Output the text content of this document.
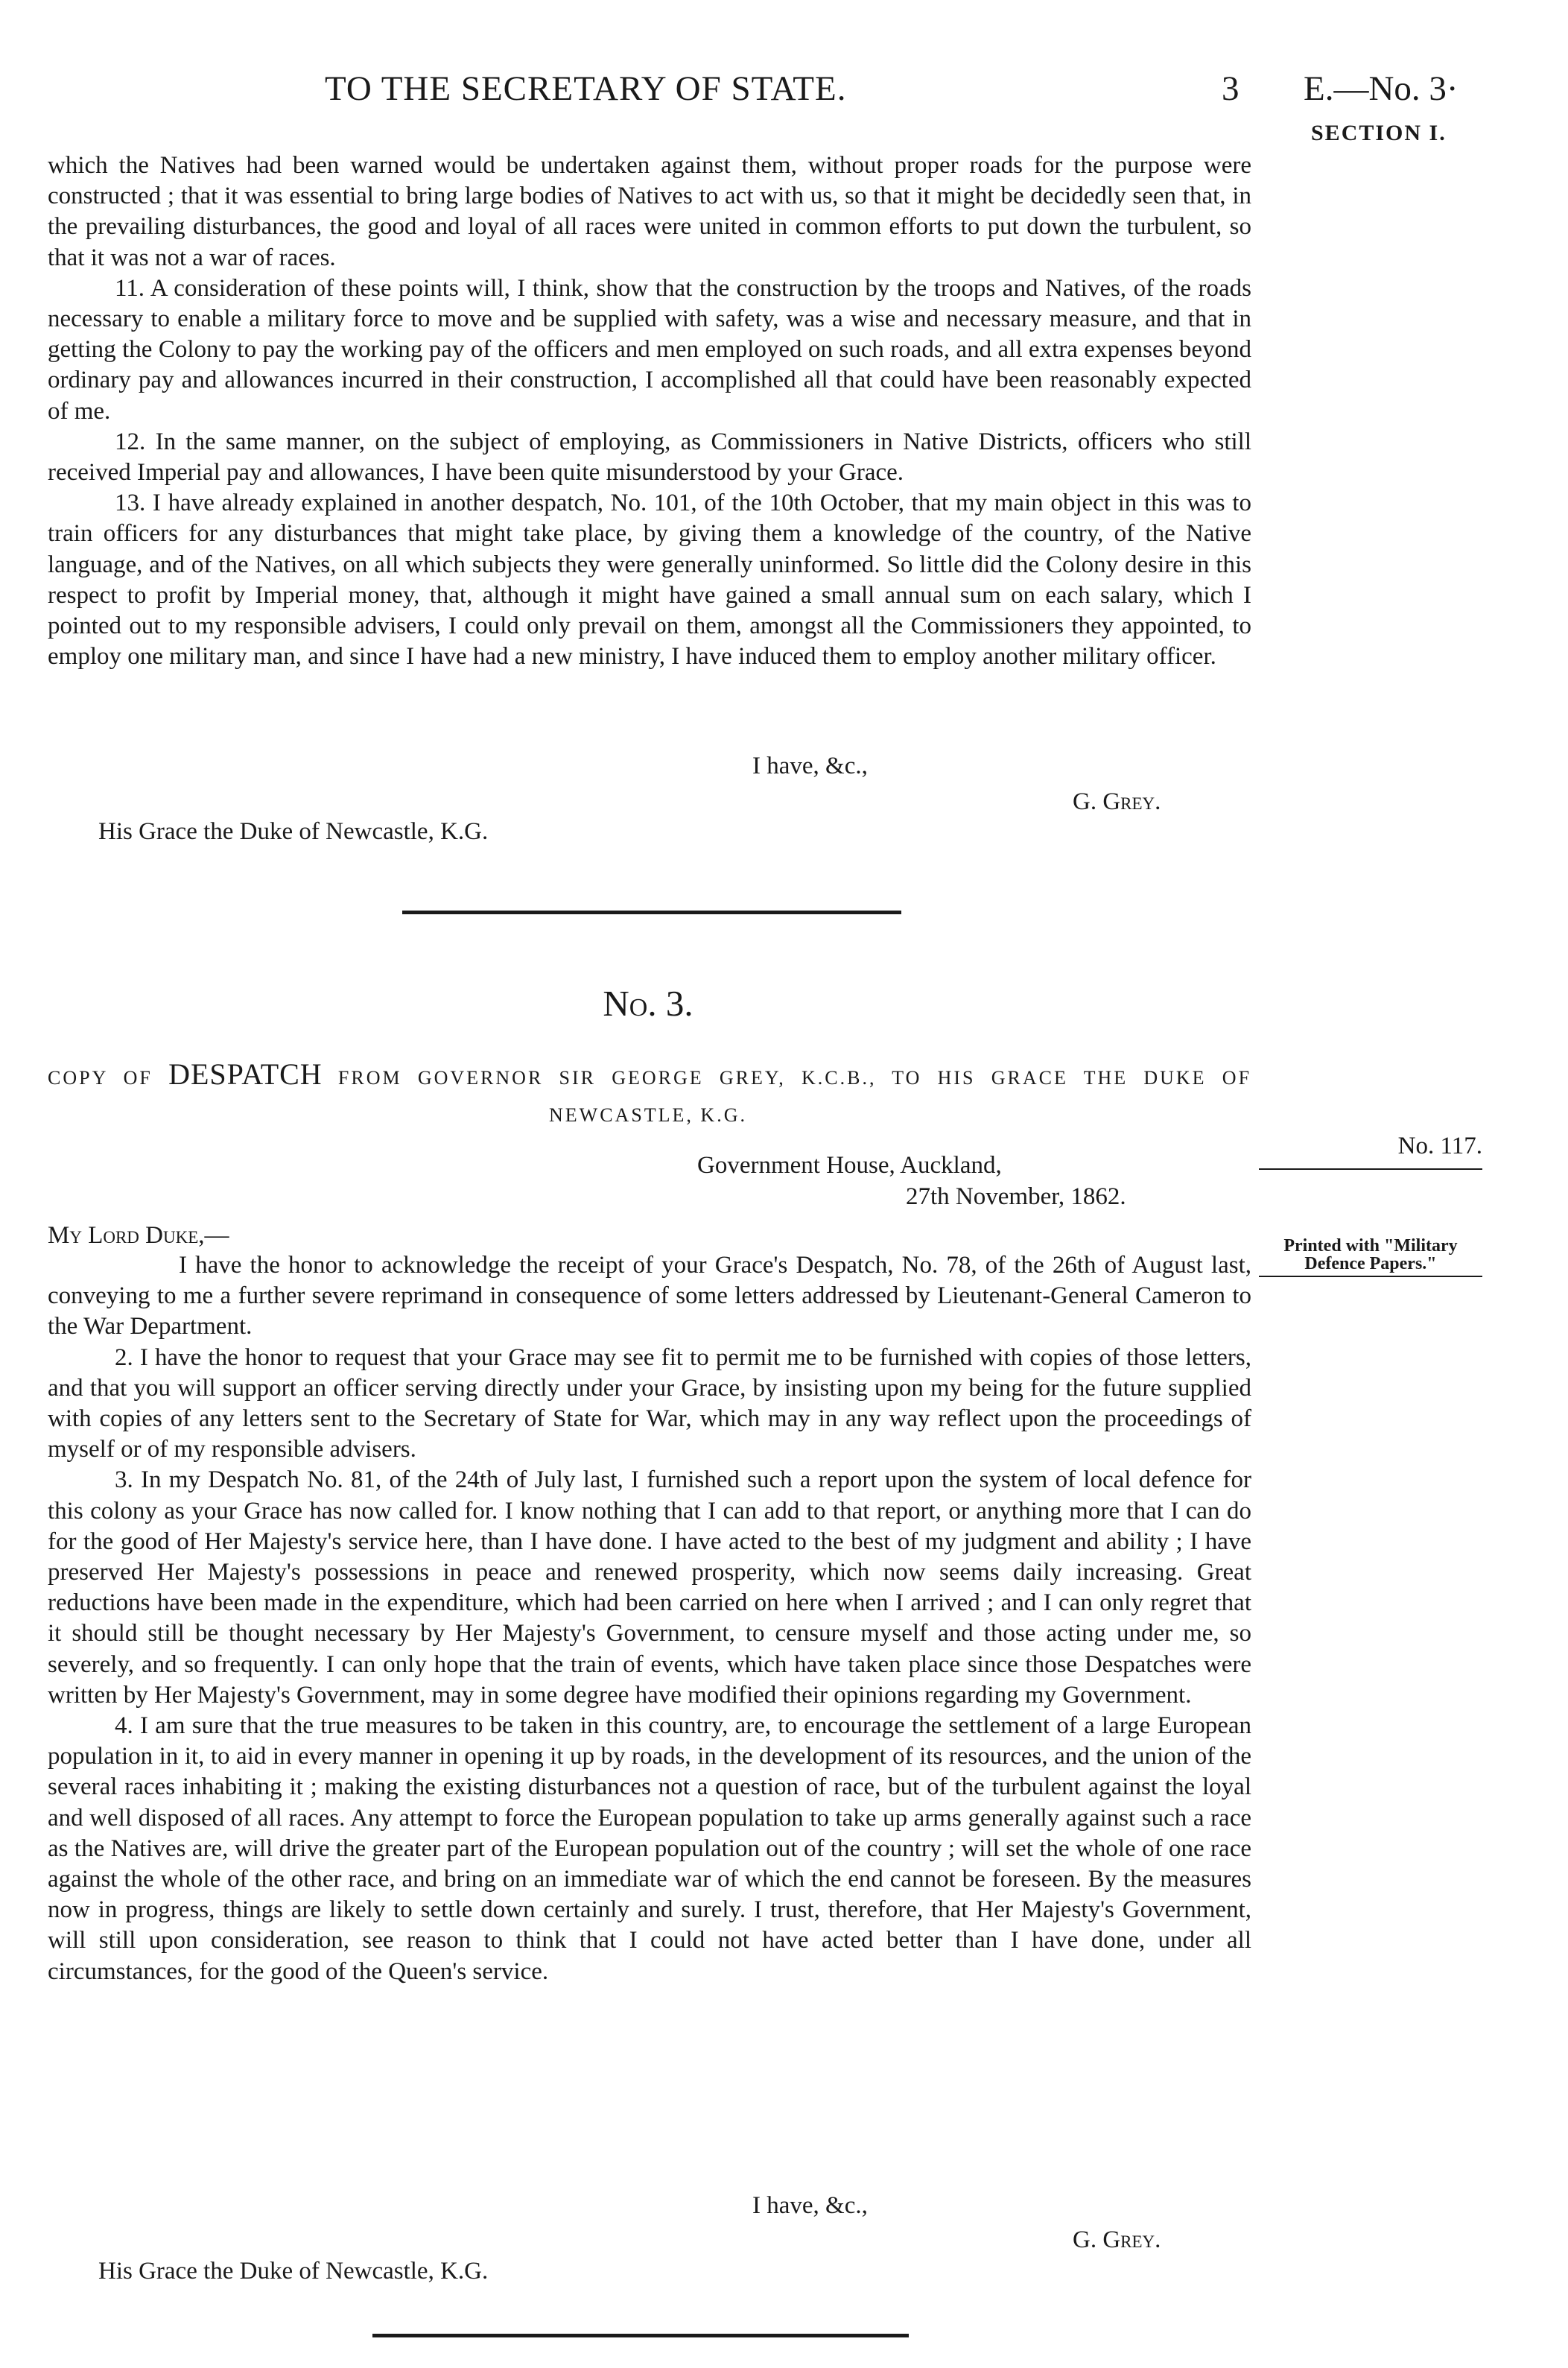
TO THE SECRETARY OF STATE.	3 E.—No. 3·
SECTION I.

which the Natives had been warned would be undertaken against them, without proper roads for the purpose were constructed ; that it was essential to bring large bodies of Natives to act with us, so that it might be decidedly seen that, in the prevailing disturbances, the good and loyal of all races were united in common efforts to put down the turbulent, so that it was not a war of races.

11. A consideration of these points will, I think, show that the construction by the troops and Natives, of the roads necessary to enable a military force to move and be supplied with safety, was a wise and necessary measure, and that in getting the Colony to pay the working pay of the officers and men employed on such roads, and all extra expenses beyond ordinary pay and allowances incurred in their construction, I accomplished all that could have been reasonably expected of me.

12. In the same manner, on the subject of employing, as Commissioners in Native Districts, officers who still received Imperial pay and allowances, I have been quite misunderstood by your Grace.

13. I have already explained in another despatch, No. 101, of the 10th October, that my main object in this was to train officers for any disturbances that might take place, by giving them a knowledge of the country, of the Native language, and of the Natives, on all which subjects they were generally uninformed. So little did the Colony desire in this respect to profit by Imperial money, that, although it might have gained a small annual sum on each salary, which I pointed out to my responsible advisers, I could only prevail on them, amongst all the Commissioners they appointed, to employ one military man, and since I have had a new ministry, I have induced them to employ another military officer.

I have, &c.,
G. Grey.
His Grace the Duke of Newcastle, K.G.
No. 3.
COPY OF DESPATCH FROM GOVERNOR SIR GEORGE GREY, K.C.B., TO HIS GRACE THE DUKE OF
NEWCASTLE, K.G.
No. 117.
Government House, Auckland,
27th November, 1862.
My Lord Duke,—	Printed with "Military Defence Papers."

I have the honor to acknowledge the receipt of your Grace's Despatch, No. 78, of the 26th of August last, conveying to me a further severe reprimand in consequence of some letters addressed by Lieutenant-General Cameron to the War Department.

2. I have the honor to request that your Grace may see fit to permit me to be furnished with copies of those letters, and that you will support an officer serving directly under your Grace, by insisting upon my being for the future supplied with copies of any letters sent to the Secretary of State for War, which may in any way reflect upon the proceedings of myself or of my responsible advisers.

3. In my Despatch No. 81, of the 24th of July last, I furnished such a report upon the system of local defence for this colony as your Grace has now called for. I know nothing that I can add to that report, or anything more that I can do for the good of Her Majesty's service here, than I have done. I have acted to the best of my judgment and ability ; I have preserved Her Majesty's possessions in peace and renewed prosperity, which now seems daily increasing. Great reductions have been made in the expenditure, which had been carried on here when I arrived ; and I can only regret that it should still be thought necessary by Her Majesty's Government, to censure myself and those acting under me, so severely, and so frequently. I can only hope that the train of events, which have taken place since those Despatches were written by Her Majesty's Government, may in some degree have modified their opinions regarding my Government.

4. I am sure that the true measures to be taken in this country, are, to encourage the settlement of a large European population in it, to aid in every manner in opening it up by roads, in the development of its resources, and the union of the several races inhabiting it ; making the existing disturbances not a question of race, but of the turbulent against the loyal and well disposed of all races. Any attempt to force the European population to take up arms generally against such a race as the Natives are, will drive the greater part of the European population out of the country ; will set the whole of one race against the whole of the other race, and bring on an immediate war of which the end cannot be foreseen. By the measures now in progress, things are likely to settle down certainly and surely. I trust, therefore, that Her Majesty's Government, will still upon consideration, see reason to think that I could not have acted better than I have done, under all circumstances, for the good of the Queen's service.

I have, &c.,
G. Grey.
His Grace the Duke of Newcastle, K.G.
